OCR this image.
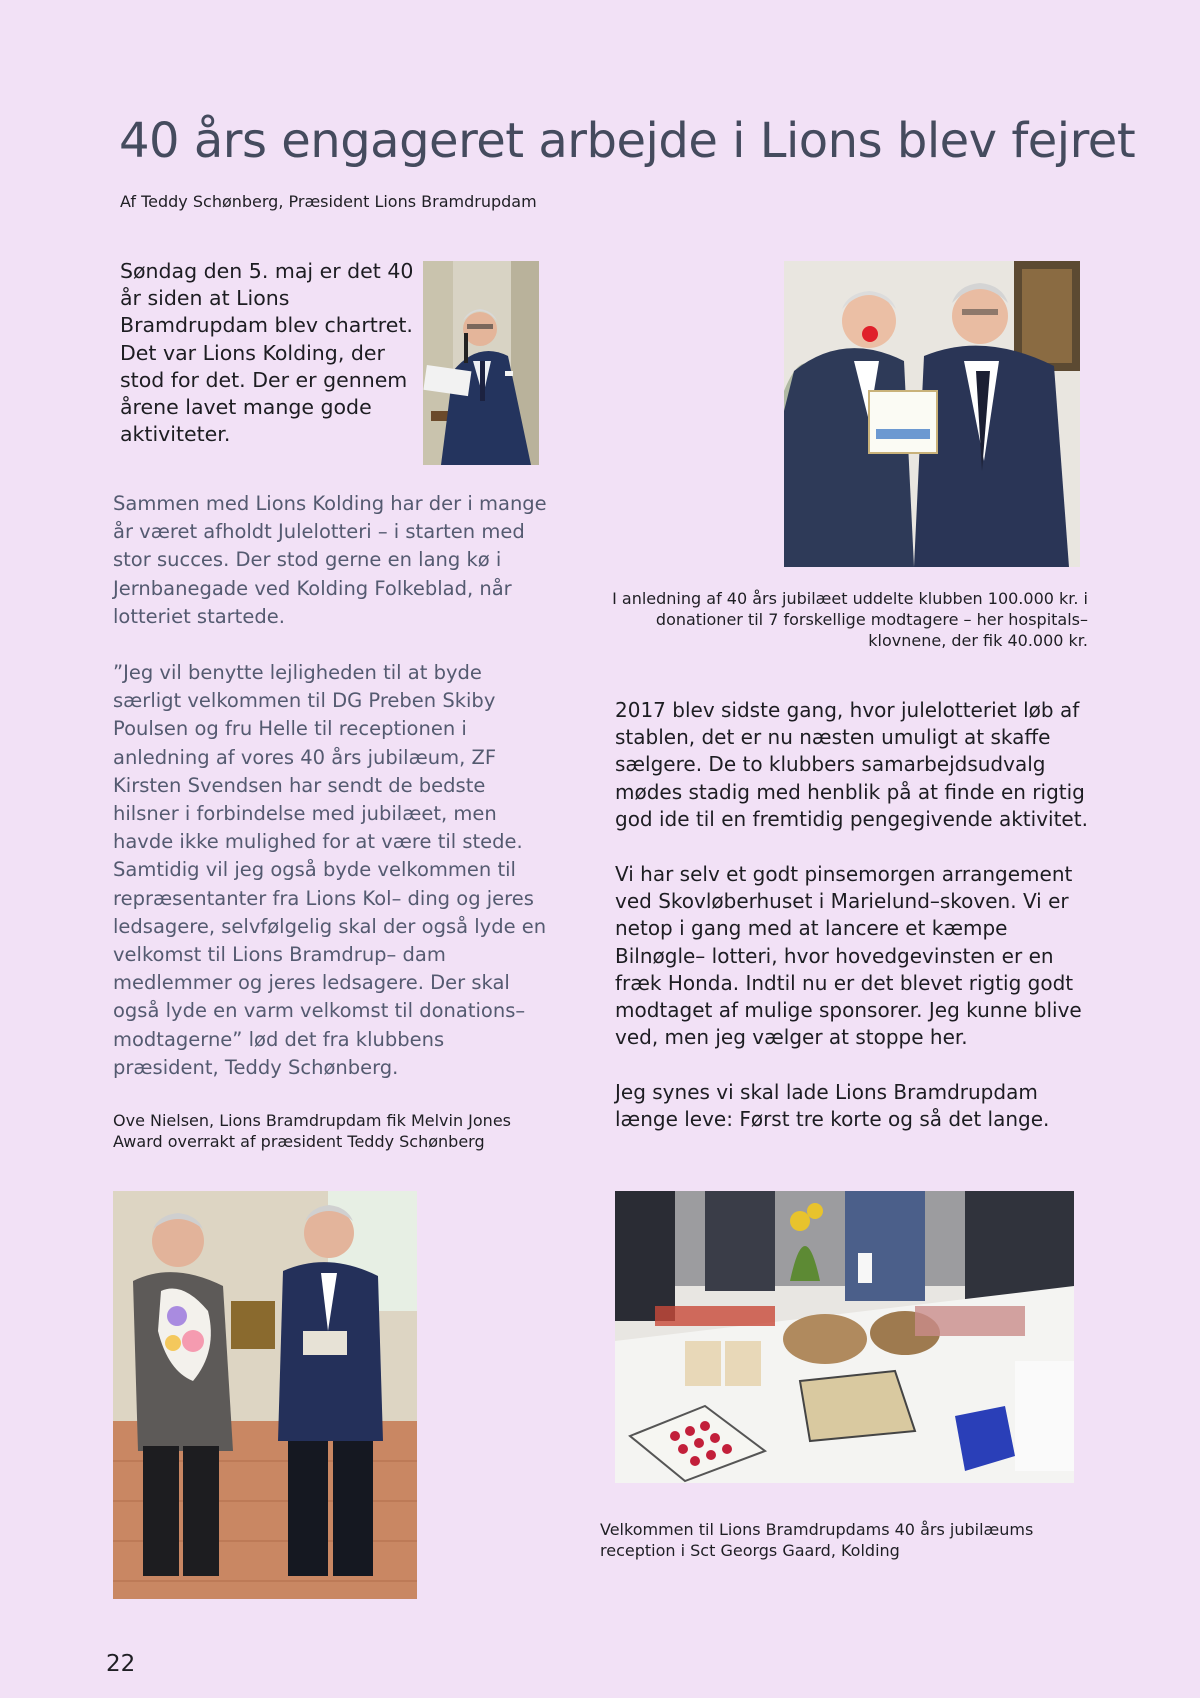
40 års engageret arbejde i Lions blev fejret
Af Teddy Schønberg, Præsident Lions Bramdrupdam
Søndag den 5. maj er det 40 år siden at Lions Bramdrupdam blev chartret. Det var Lions Kolding, der stod for det. Der er gennem årene lavet mange gode aktiviteter.
Sammen med Lions Kolding har der i mange år været afholdt Julelotteri – i starten med stor succes. Der stod gerne en lang kø i Jernbanegade ved Kolding Folkeblad, når lotteriet startede.
”Jeg vil benytte lejligheden til at byde særligt velkommen til DG Preben Skiby Poulsen og fru Helle til receptionen i anledning af vores 40 års jubilæum, ZF Kirsten Svendsen har sendt de bedste hilsner i forbindelse med jubilæet, men havde ikke mulighed for at være til stede. Samtidig vil jeg også byde velkommen til repræsentanter fra Lions Kol– ding og jeres ledsagere, selvfølgelig skal der også lyde en velkomst til Lions Bramdrup– dam medlemmer og jeres ledsagere. Der skal også lyde en varm velkomst til donations– modtagerne” lød det fra klubbens præsident, Teddy Schønberg.
I anledning af 40 års jubilæet uddelte klubben 100.000 kr. i donationer til 7 forskellige modtagere – her hospitals– klovnene, der fik 40.000 kr.
2017 blev sidste gang, hvor julelotteriet løb af stablen, det er nu næsten umuligt at skaffe sælgere. De to klubbers samarbejdsudvalg mødes stadig med henblik på at finde en rigtig god ide til en fremtidig pengegivende aktivitet.
Vi har selv et godt pinsemorgen arrangement ved Skovløberhuset i Marielund–skoven. Vi er netop i gang med at lancere et kæmpe Bilnøgle– lotteri, hvor hovedgevinsten er en fræk Honda. Indtil nu er det blevet rigtig godt modtaget af mulige sponsorer. Jeg kunne blive ved, men jeg vælger at stoppe her.
Jeg synes vi skal lade Lions Bramdrupdam længe leve: Først tre korte og så det lange.
Ove Nielsen, Lions Bramdrupdam fik Melvin Jones Award overrakt af præsident Teddy Schønberg
Velkommen til Lions Bramdrupdams 40 års jubilæums reception i Sct Georgs Gaard, Kolding
22
